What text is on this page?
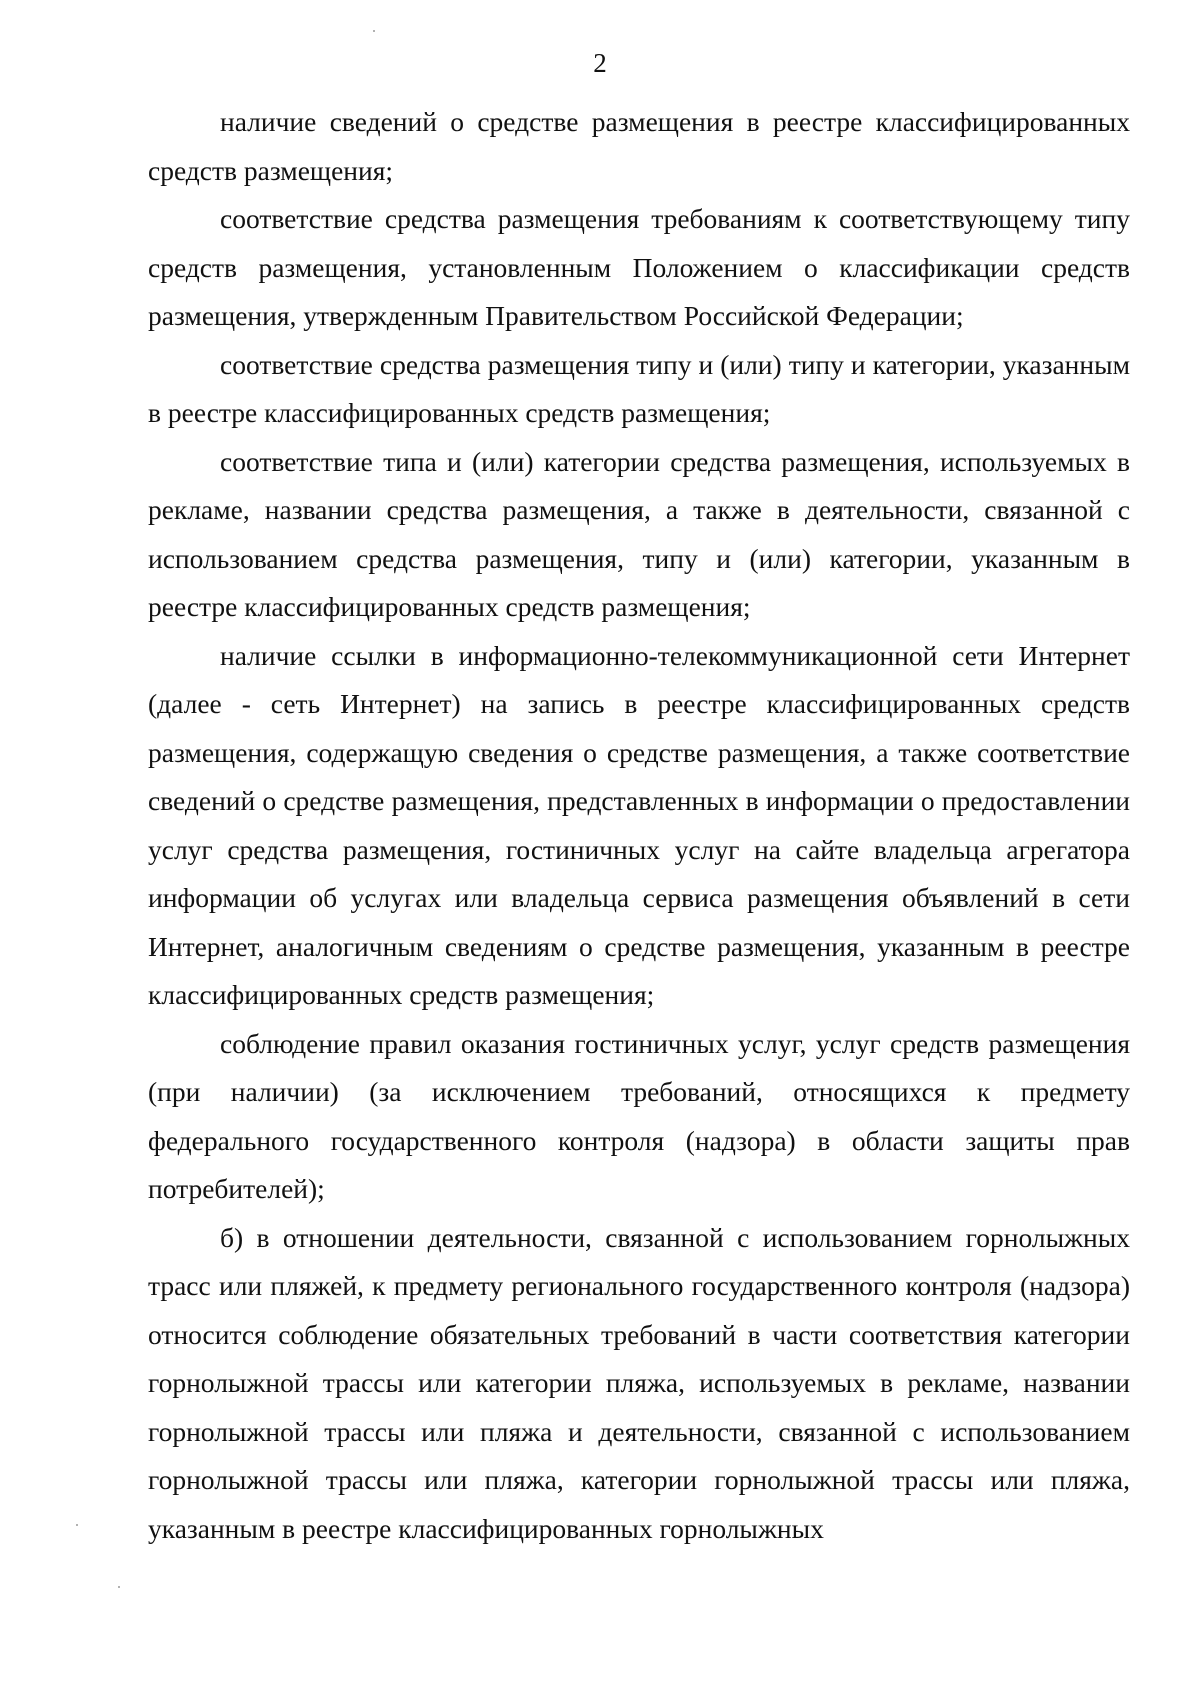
2

наличие сведений о средстве размещения в реестре классифицированных средств размещения;

соответствие средства размещения требованиям к соответствующему типу средств размещения, установленным Положением о классификации средств размещения, утвержденным Правительством Российской Федерации;

соответствие средства размещения типу и (или) типу и категории, указанным в реестре классифицированных средств размещения;

соответствие типа и (или) категории средства размещения, используемых в рекламе, названии средства размещения, а также в деятельности, связанной с использованием средства размещения, типу и (или) категории, указанным в реестре классифицированных средств размещения;

наличие ссылки в информационно-телекоммуникационной сети Интернет (далее - сеть Интернет) на запись в реестре классифицированных средств размещения, содержащую сведения о средстве размещения, а также соответствие сведений о средстве размещения, представленных в информации о предоставлении услуг средства размещения, гостиничных услуг на сайте владельца агрегатора информации об услугах или владельца сервиса размещения объявлений в сети Интернет, аналогичным сведениям о средстве размещения, указанным в реестре классифицированных средств размещения;

соблюдение правил оказания гостиничных услуг, услуг средств размещения (при наличии) (за исключением требований, относящихся к предмету федерального государственного контроля (надзора) в области защиты прав потребителей);

б) в отношении деятельности, связанной с использованием горнолыжных трасс или пляжей, к предмету регионального государственного контроля (надзора) относится соблюдение обязательных требований в части соответствия категории горнолыжной трассы или категории пляжа, используемых в рекламе, названии горнолыжной трассы или пляжа и деятельности, связанной с использованием горнолыжной трассы или пляжа, категории горнолыжной трассы или пляжа, указанным в реестре классифицированных горнолыжных
